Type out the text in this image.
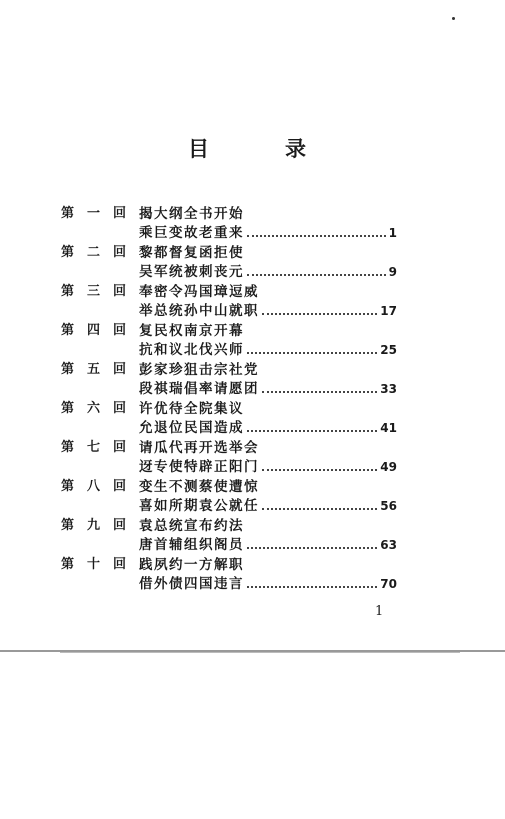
目	录
第 一 回 揭大纲全书开始
乘巨变故老重来	1
第 二 回 黎都督复函拒使
吴军统被刺丧元	9
第 三 回 奉密令冯国璋逗威
举总统孙中山就职	17
第 四 回 复民权南京开幕
抗和议北伐兴师	25
第 五 回 彭家珍狙击宗社党
段祺瑞倡率请愿团	33
第 六 回 许优待全院集议
允退位民国造成	41
第 七 回 请瓜代再开选举会
迓专使特辟正阳门	49
第 八 回 变生不测蔡使遭惊
喜如所期袁公就任	56
第 九 回 袁总统宣布约法
唐首辅组织阁员	63
第 十 回 践夙约一方解职
借外债四国违言	70
1
